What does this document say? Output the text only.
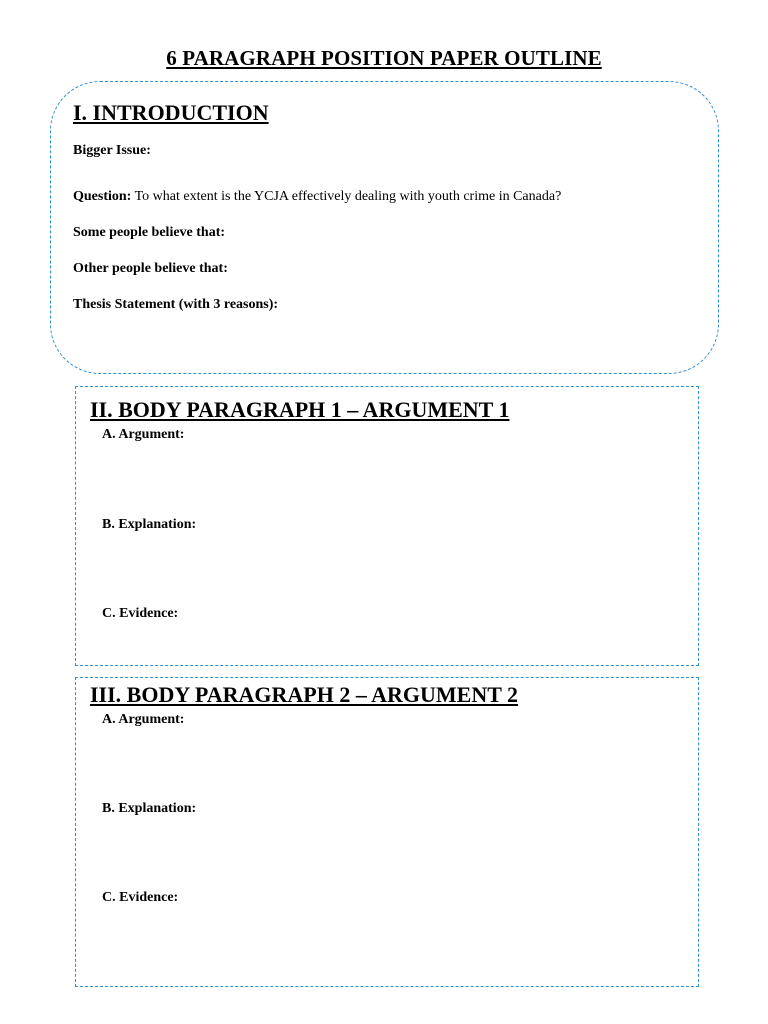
6 PARAGRAPH POSITION PAPER OUTLINE
I. INTRODUCTION
Bigger Issue:
Question: To what extent is the YCJA effectively dealing with youth crime in Canada?
Some people believe that:
Other people believe that:
Thesis Statement (with 3 reasons):
II. BODY PARAGRAPH 1 – ARGUMENT 1
A. Argument:
B. Explanation:
C. Evidence:
III. BODY PARAGRAPH 2 – ARGUMENT 2
A. Argument:
B. Explanation:
C. Evidence:
